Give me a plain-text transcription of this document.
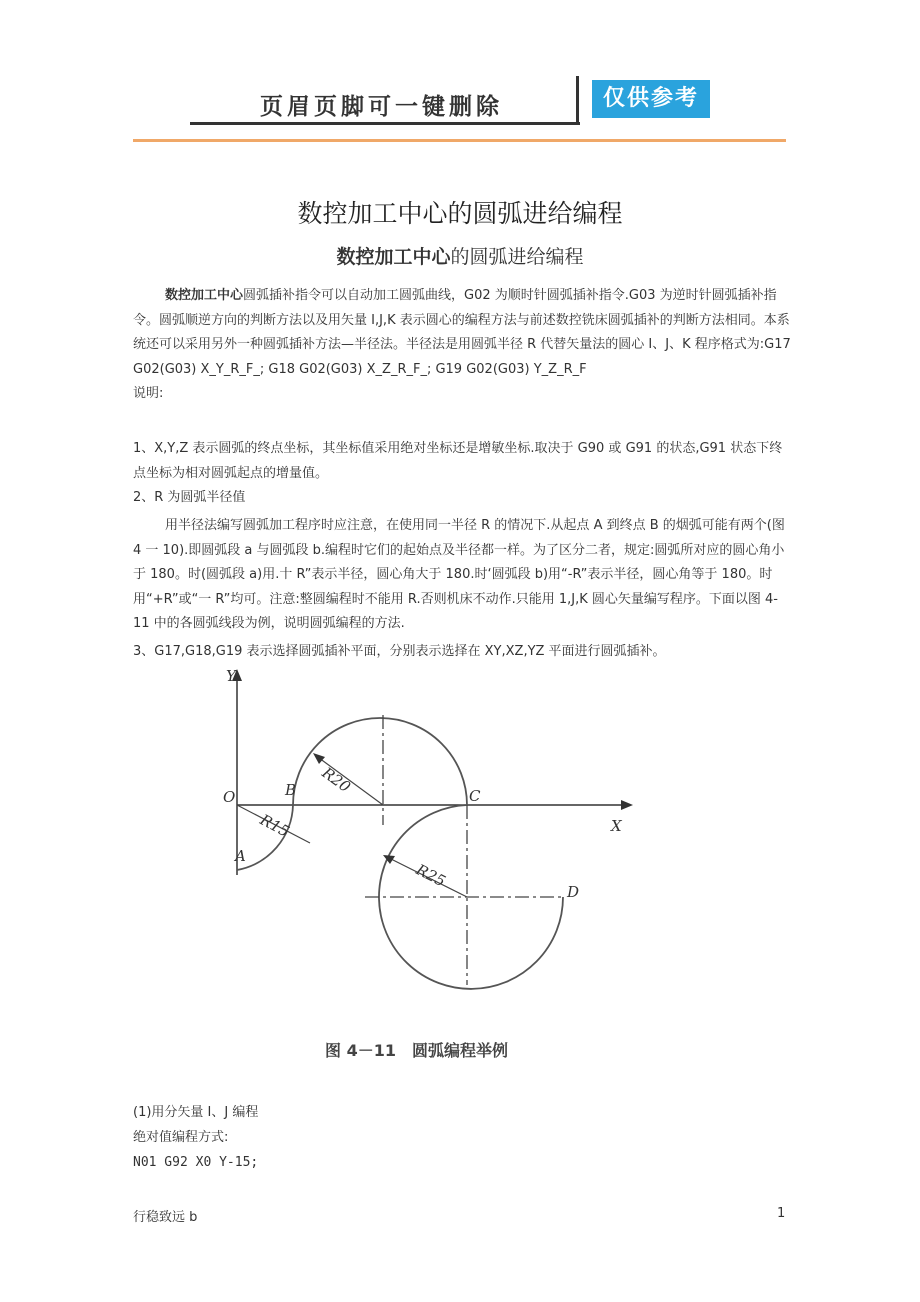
页眉页脚可一键删除	仅供参考
数控加工中心的圆弧进给编程
数控加工中心的圆弧进给编程
数控加工中心圆弧插补指令可以自动加工圆弧曲线，G02 为顺时针圆弧插补指令.G03 为逆时针圆弧插补指令。圆弧顺逆方向的判断方法以及用矢量 I,J,K 表示圆心的编程方法与前述数控铣床圆弧插补的判断方法相同。本系统还可以采用另外一种圆弧插补方法—半径法。半径法是用圆弧半径 R 代替矢量法的圆心 I、J、K 程序格式为:G17 G02(G03) X_Y_R_F_; G18 G02(G03) X_Z_R_F_; G19 G02(G03) Y_Z_R_F
说明:
1、X,Y,Z 表示圆弧的终点坐标，其坐标值采用绝对坐标还是增敏坐标.取决于 G90 或 G91 的状态,G91 状态下终点坐标为相对圆弧起点的增量值。
2、R 为圆弧半径值
用半径法编写圆弧加工程序时应注意，在使用同一半径 R 的情况下.从起点 A 到终点 B 的烟弧可能有两个(图 4 一 10).即圆弧段 a 与圆弧段 b.编程时它们的起始点及半径都一样。为了区分二者，规定:圆弧所对应的圆心角小于 180。时(圆弧段 a)用.十 R”表示半径，圆心角大于 180.时‘圆弧段 b)用“-R”表示半径，圆心角等于 180。时用“+R”或“一 R”均可。注意:整圆编程时不能用 R.否则机床不动作.只能用 1,J,K 圆心矢量编写程序。下面以图 4-11 中的各圆弧线段为例，说明圆弧编程的方法.
3、G17,G18,G19 表示选择圆弧插补平面，分别表示选择在 XY,XZ,YZ 平面进行圆弧插补。
Y
X
O
A
B	C
D
R15
R20
R25
图 4－11　圆弧编程举例
(1)用分矢量 I、J 编程
绝对值编程方式:
N01 G92 X0 Y-15;
行稳致远 b	1
